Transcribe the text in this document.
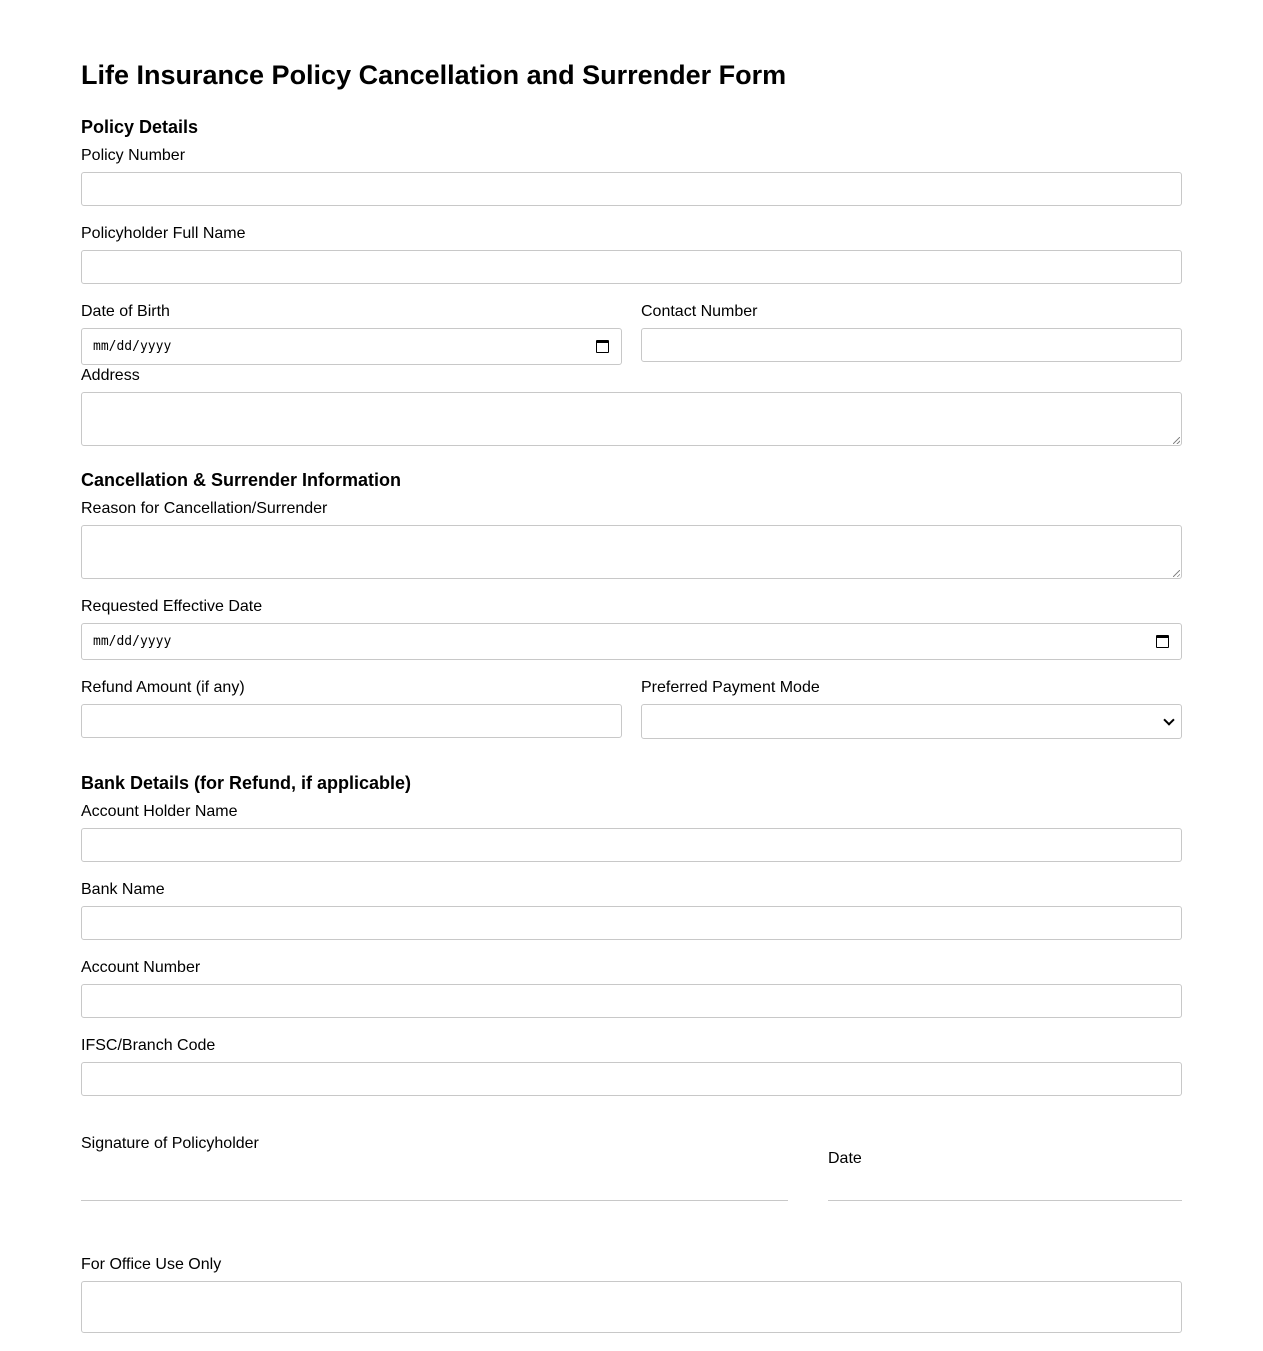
Life Insurance Policy Cancellation and Surrender Form
Policy Details
Policy Number
Policyholder Full Name
Date of Birth
mm/dd/yyyy
Contact Number
Address
Cancellation & Surrender Information
Reason for Cancellation/Surrender
Requested Effective Date
mm/dd/yyyy
Refund Amount (if any)	Preferred Payment Mode
Bank Details (for Refund, if applicable)
Account Holder Name
Bank Name
Account Number
IFSC/Branch Code
Signature of Policyholder
Date
For Office Use Only
